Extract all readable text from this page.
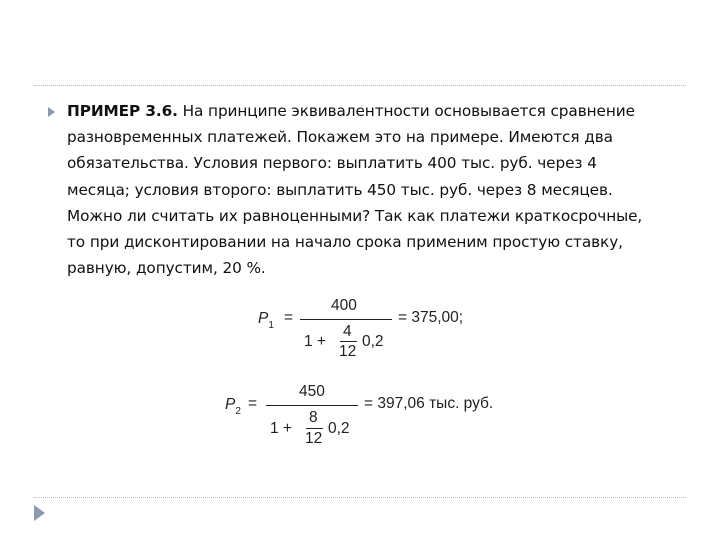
ПРИМЕР 3.6. На принципе эквивалентности основывается сравнение
разновременных платежей. Покажем это на примере. Имеются два
обязательства. Условия первого: выплатить 400 тыс. руб. через 4
месяца; условия второго: выплатить 450 тыс. руб. через 8 месяцев.
Можно ли считать их равноценными? Так как платежи краткосрочные,
то при дисконтировании на начало срока применим простую ставку,
равную, допустим, 20 %.
$P_1$ =
400
1 +
4
12
0,2
= 375,00;
$P_2$ =
450
1 +
8
12
0,2
= 397,06 тыс. руб.
